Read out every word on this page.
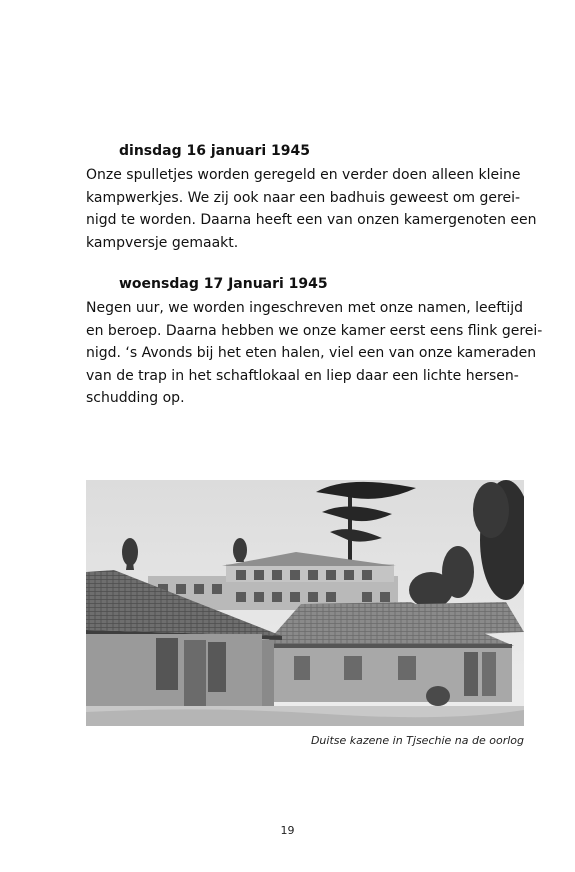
dinsdag 16 januari 1945
Onze spulletjes worden geregeld en verder doen alleen kleine
kampwerkjes. We zij ook naar een badhuis geweest om gerei-
nigd te worden. Daarna heeft een van onzen kamergenoten een
kampversje gemaakt.
woensdag 17 Januari 1945
Negen uur, we worden ingeschreven met onze namen, leeftijd
en beroep. Daarna hebben we onze kamer eerst eens flink gerei-
nigd. ‘s Avonds bij het eten halen, viel een van onze kameraden
van de trap in het schaftlokaal en liep daar een lichte hersen-
schudding op.
Duitse kazene in Tjsechie na de oorlog
19
